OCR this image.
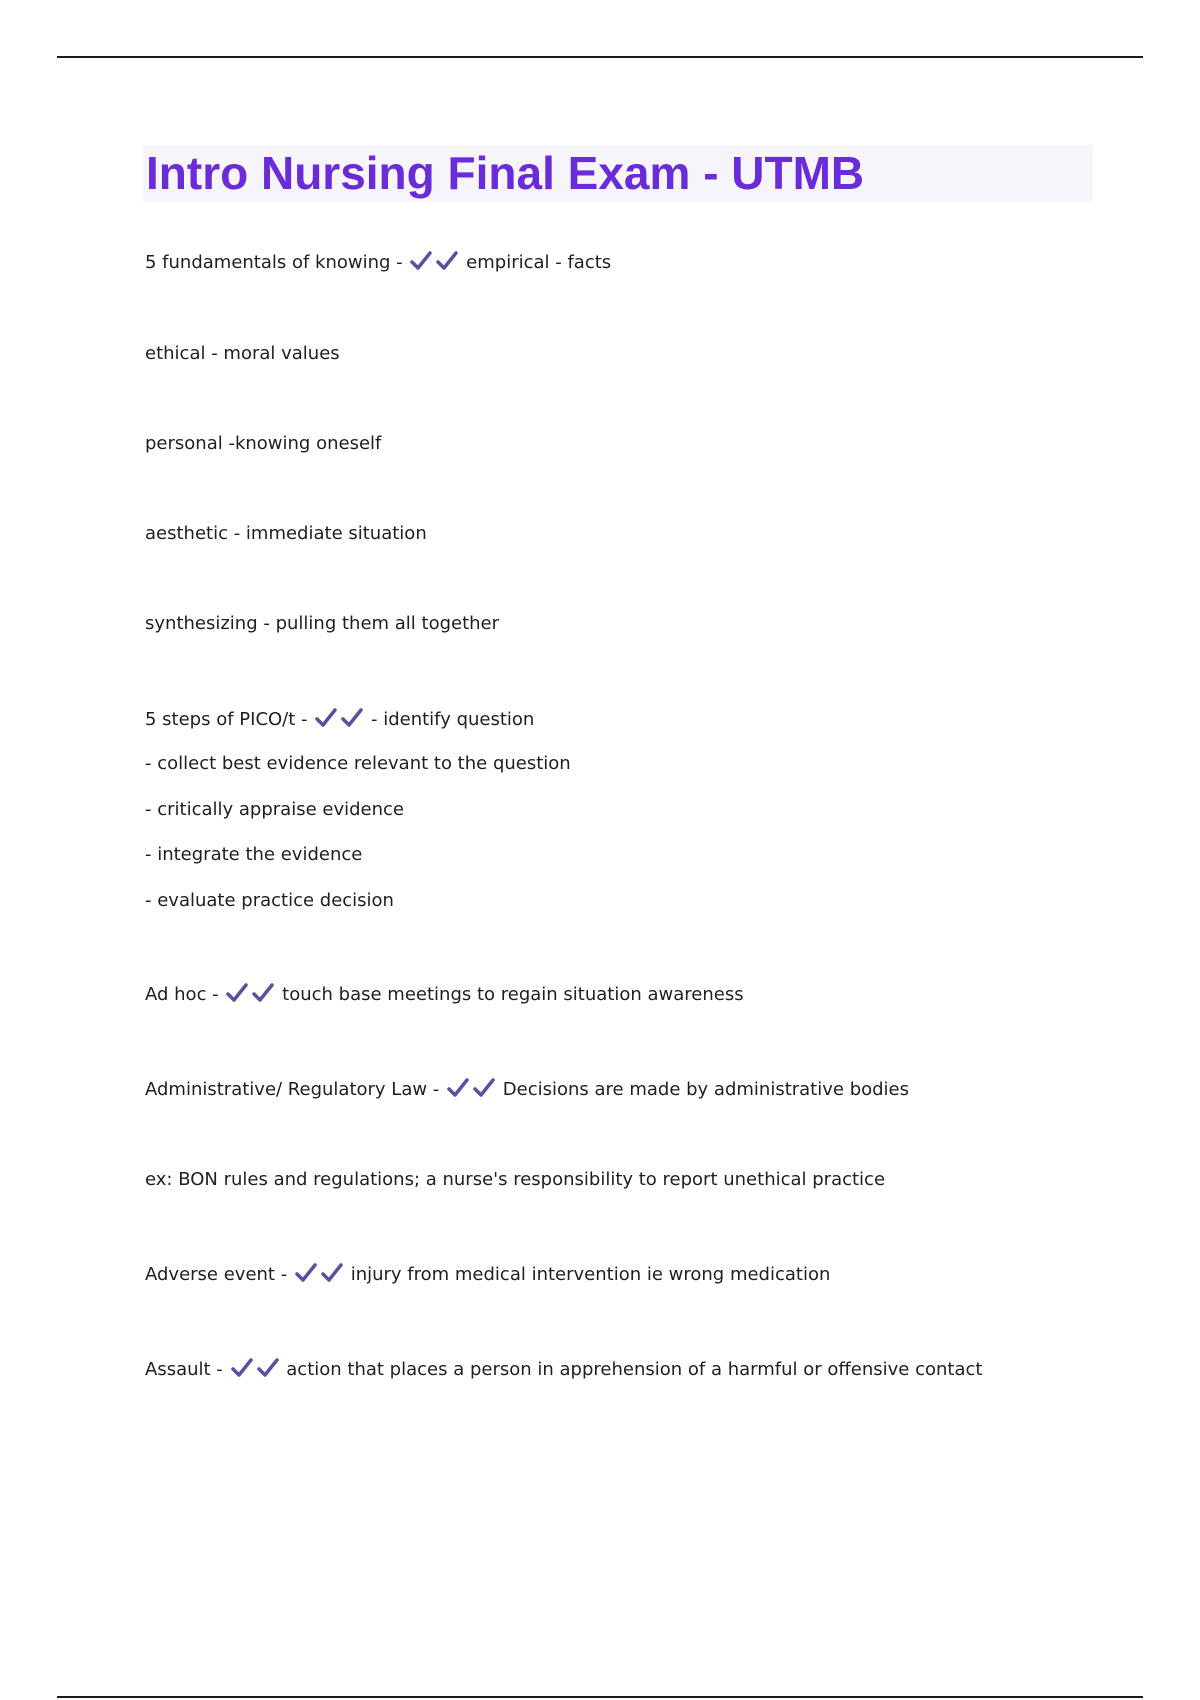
Intro Nursing Final Exam - UTMB

5 fundamentals of knowing -	empirical - facts

ethical - moral values

personal -knowing oneself

aesthetic - immediate situation

synthesizing - pulling them all together

5 steps of PICO/t -	- identify question

- collect best evidence relevant to the question

- critically appraise evidence

- integrate the evidence

- evaluate practice decision

Ad hoc -	touch base meetings to regain situation awareness

Administrative/ Regulatory Law -	Decisions are made by administrative bodies

ex: BON rules and regulations; a nurse's responsibility to report unethical practice

Adverse event -	injury from medical intervention ie wrong medication

Assault -	action that places a person in apprehension of a harmful or offensive contact
